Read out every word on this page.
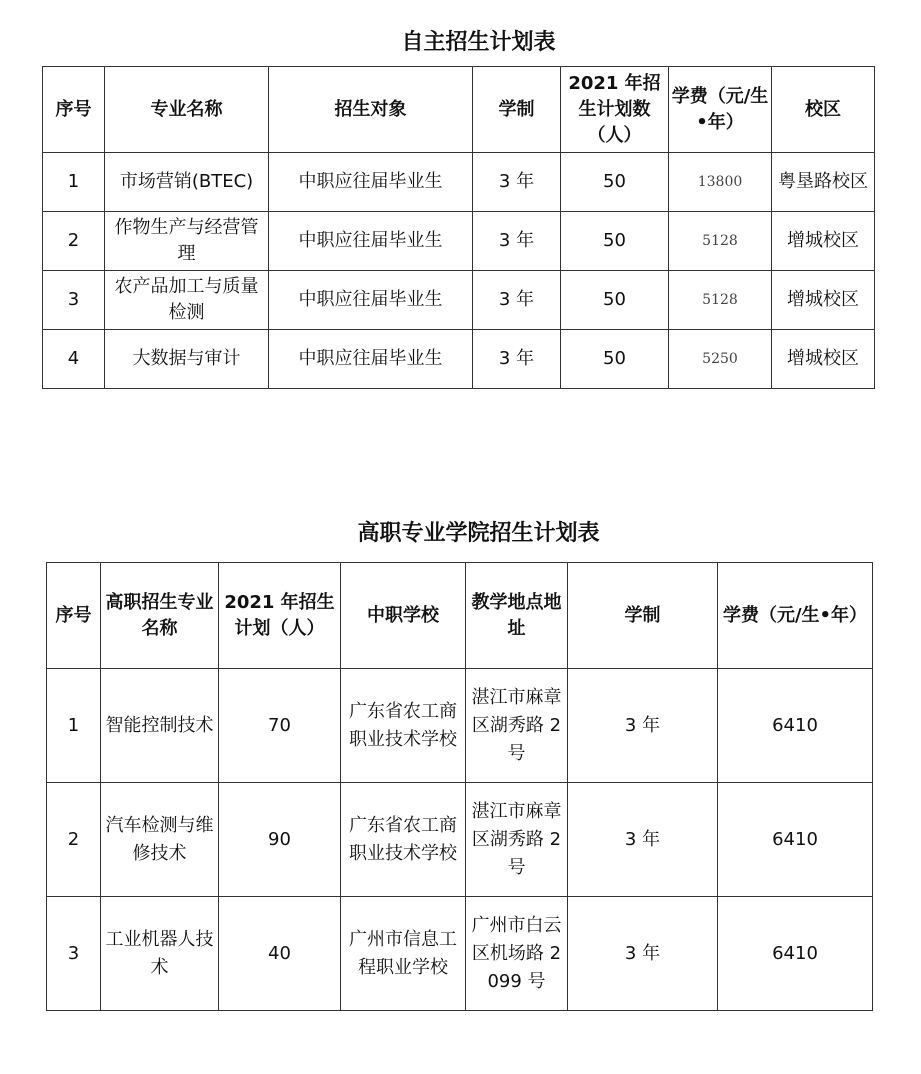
自主招生计划表
序号	专业名称	招生对象	学制	2021 年招生计划数（人）	学费（元/生•年）	校区
1	市场营销(BTEC)	中职应往届毕业生	3 年	50	13800	粤垦路校区
2	作物生产与经营管理	中职应往届毕业生	3 年	50	5128	增城校区
3	农产品加工与质量检测	中职应往届毕业生	3 年	50	5128	增城校区
4	大数据与审计	中职应往届毕业生	3 年	50	5250	增城校区
高职专业学院招生计划表
序号	高职招生专业名称	2021 年招生计划（人）	中职学校	教学地点地址	学制	学费（元/生•年）
1	智能控制技术	70	广东省农工商职业技术学校	湛江市麻章区湖秀路 2 号	3 年	6410
2	汽车检测与维修技术	90	广东省农工商职业技术学校	湛江市麻章区湖秀路 2 号	3 年	6410
3	工业机器人技术	40	广州市信息工程职业学校	广州市白云区机场路 2099 号	3 年	6410
